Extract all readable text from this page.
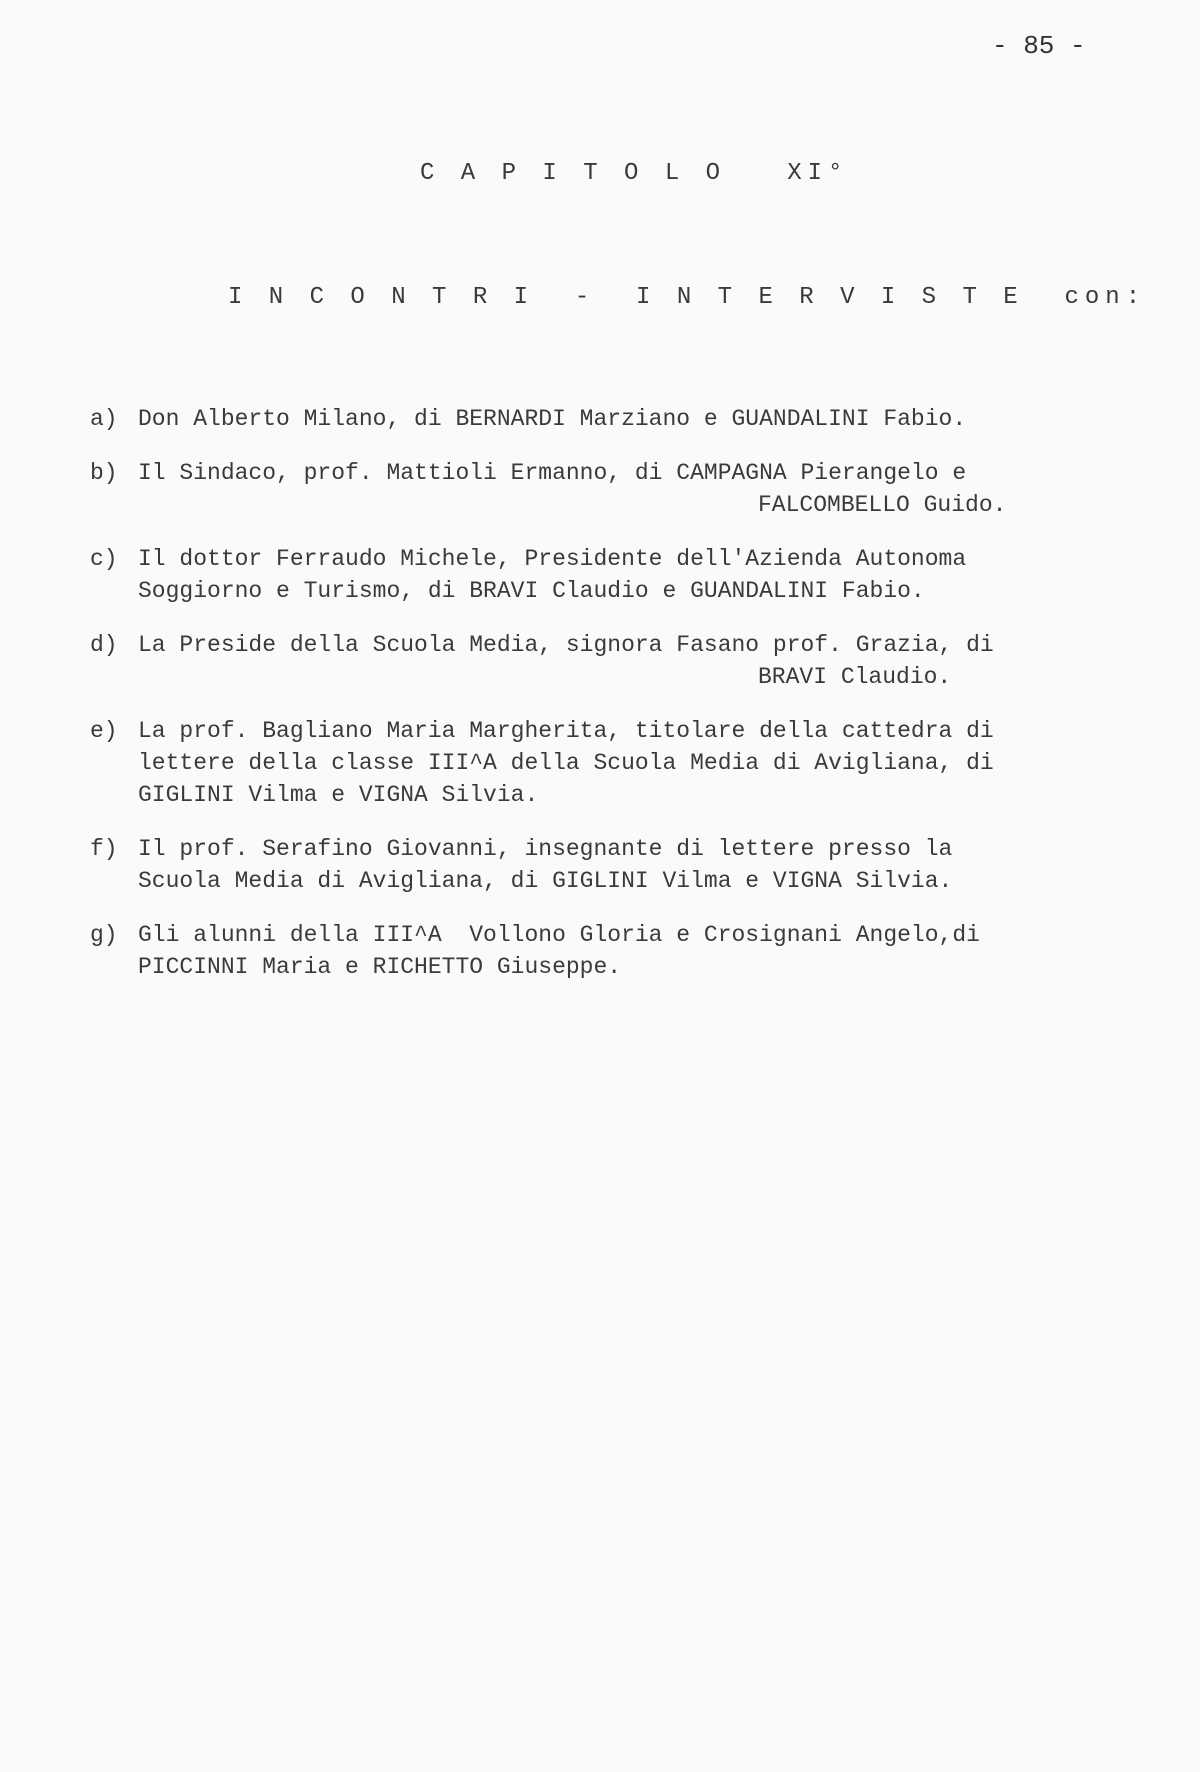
- 85 -
C A P I T O L O   XI°
I N C O N T R I  -  I N T E R V I S T E  con:
a) Don Alberto Milano, di BERNARDI Marziano e GUANDALINI Fabio.
b) Il Sindaco, prof. Mattioli Ermanno, di CAMPAGNA Pierangelo e
FALCOMBELLO Guido.
c) Il dottor Ferraudo Michele, Presidente dell'Azienda Autonoma
Soggiorno e Turismo, di BRAVI Claudio e GUANDALINI Fabio.
d) La Preside della Scuola Media, signora Fasano prof. Grazia, di
BRAVI Claudio.
e) La prof. Bagliano Maria Margherita, titolare della cattedra di
lettere della classe III^A della Scuola Media di Avigliana, di
GIGLINI Vilma e VIGNA Silvia.
f) Il prof. Serafino Giovanni, insegnante di lettere presso la
Scuola Media di Avigliana, di GIGLINI Vilma e VIGNA Silvia.
g) Gli alunni della III^A  Vollono Gloria e Crosignani Angelo,di
PICCINNI Maria e RICHETTO Giuseppe.
